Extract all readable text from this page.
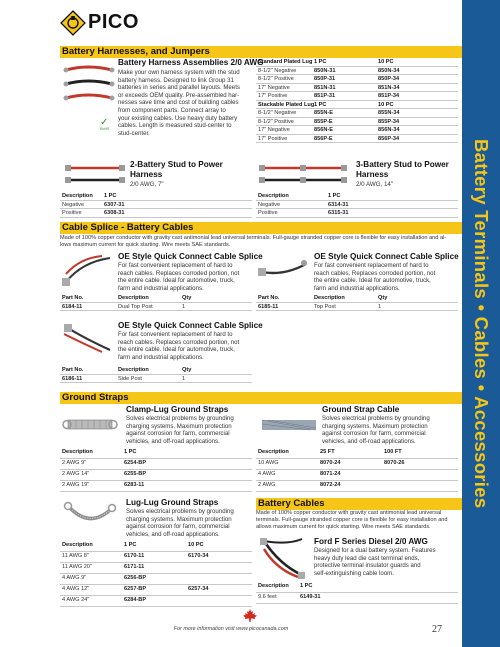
Battery Terminals • Cables • Accessories
PICO
Battery Harnesses, and Jumpers
✓
RoHS
Battery Harness Assemblies 2/0 AWG
Make your own harness system with the stud
battery harness. Designed to link Group 31
batteries in series and parallel layouts. Meets
or exceeds OEM quality. Pre-assembled har-
nesses save time and cost of building cables
from component parts. Connect array to
your existing cables. Use heavy duty battery
cables. Length is measured stud-center to
stud-center.
Standard Plated Lug 1 PC	10 PC
8-1/2" Negative	850N-31	850N-34
8-1/2" Positive	850P-31	850P-34
17" Negative	851N-31	851N-34
17" Positive	851P-31	851P-34
Stackable Plated Lug 1 PC	10 PC
8-1/2" Negative	855N-E	855N-34
8-1/2" Positive	855P-E	855P-34
17" Negative	856N-E	856N-34
17" Positive	856P-E	856P-34
2-Battery Stud to Power
Harness
2/0 AWG, 7"
Description 1 PC
Negative	6307-31
Positive	6308-31
3-Battery Stud to Power
Harness
2/0 AWG, 14"
Description	1 PC
Negative	6314-31
Positive	6315-31
Cable Splice - Battery Cables
Made of 100% copper conductor with gravity cast antimonial lead universal terminals. Full-gauge stranded copper core is flexible for easy installation and al-
lows maximum current for quick starting. Wire meets SAE standards.
OE Style Quick Connect Cable Splice
For fast convenient replacement of hard to
reach cables. Replaces corroded portion, not
the entire cable. Ideal for automotive, truck,
farm and industrial applications.
Part No.	Description	Qty
6184-11	Dual Top Post	1
OE Style Quick Connect Cable Splice
For fast convenient replacement of hard to
reach cables. Replaces corroded portion, not
the entire cable. Ideal for automotive, truck,
farm and industrial applications.
Part No.	Description	Qty
6185-11	Top Post	1
OE Style Quick Connect Cable Splice
For fast convenient replacement of hard to
reach cables. Replaces corroded portion, not
the entire cable. Ideal for automotive, truck,
farm and industrial applications.
Part No.	Description	Qty
6186-11	Side Post	1
Ground Straps
Clamp-Lug Ground Straps
Solves electrical problems by grounding
charging systems. Maximum protection
against corrosion for farm, commercial
vehicles, and off-road applications.
Description	1 PC
2 AWG 9"	6254-BP
2 AWG 14"	6255-BP
2 AWG 19"	6283-11
Ground Strap Cable
Solves electrical problems by grounding
charging systems. Maximum protection
against corrosion for farm, commercial
vehicles, and off-road applications.
Description	25 FT	100 FT
10 AWG	8070-24	8070-26
4 AWG	8071-24
2 AWG	8072-24
Lug-Lug Ground Straps
Solves electrical problems by grounding
charging systems. Maximum protection
against corrosion for farm, commercial
vehicles, and off-road applications.
Description	1 PC	10 PC
11 AWG 8"	6170-11	6170-34
11 AWG 20"	6171-11
4 AWG 9"	6256-BP
4 AWG 12"	6257-BP	6257-34
4 AWG 24"	6284-BP
Battery Cables
Made of 100% copper conductor with gravity cast antimonial lead universal
terminals. Full-gauge stranded copper core is flexible for easy installation and
allows maximum current for quick starting. Wire meets SAE standards.
Ford F Series Diesel 2/0 AWG
Designed for a dual battery system. Features
heavy duty lead die cast terminal ends,
protective terminal insulator guards and
self-extinguishing cable loom.
Description 1 PC
9.6 feet	6149-31
For more information visit www.picocanada.com	27
